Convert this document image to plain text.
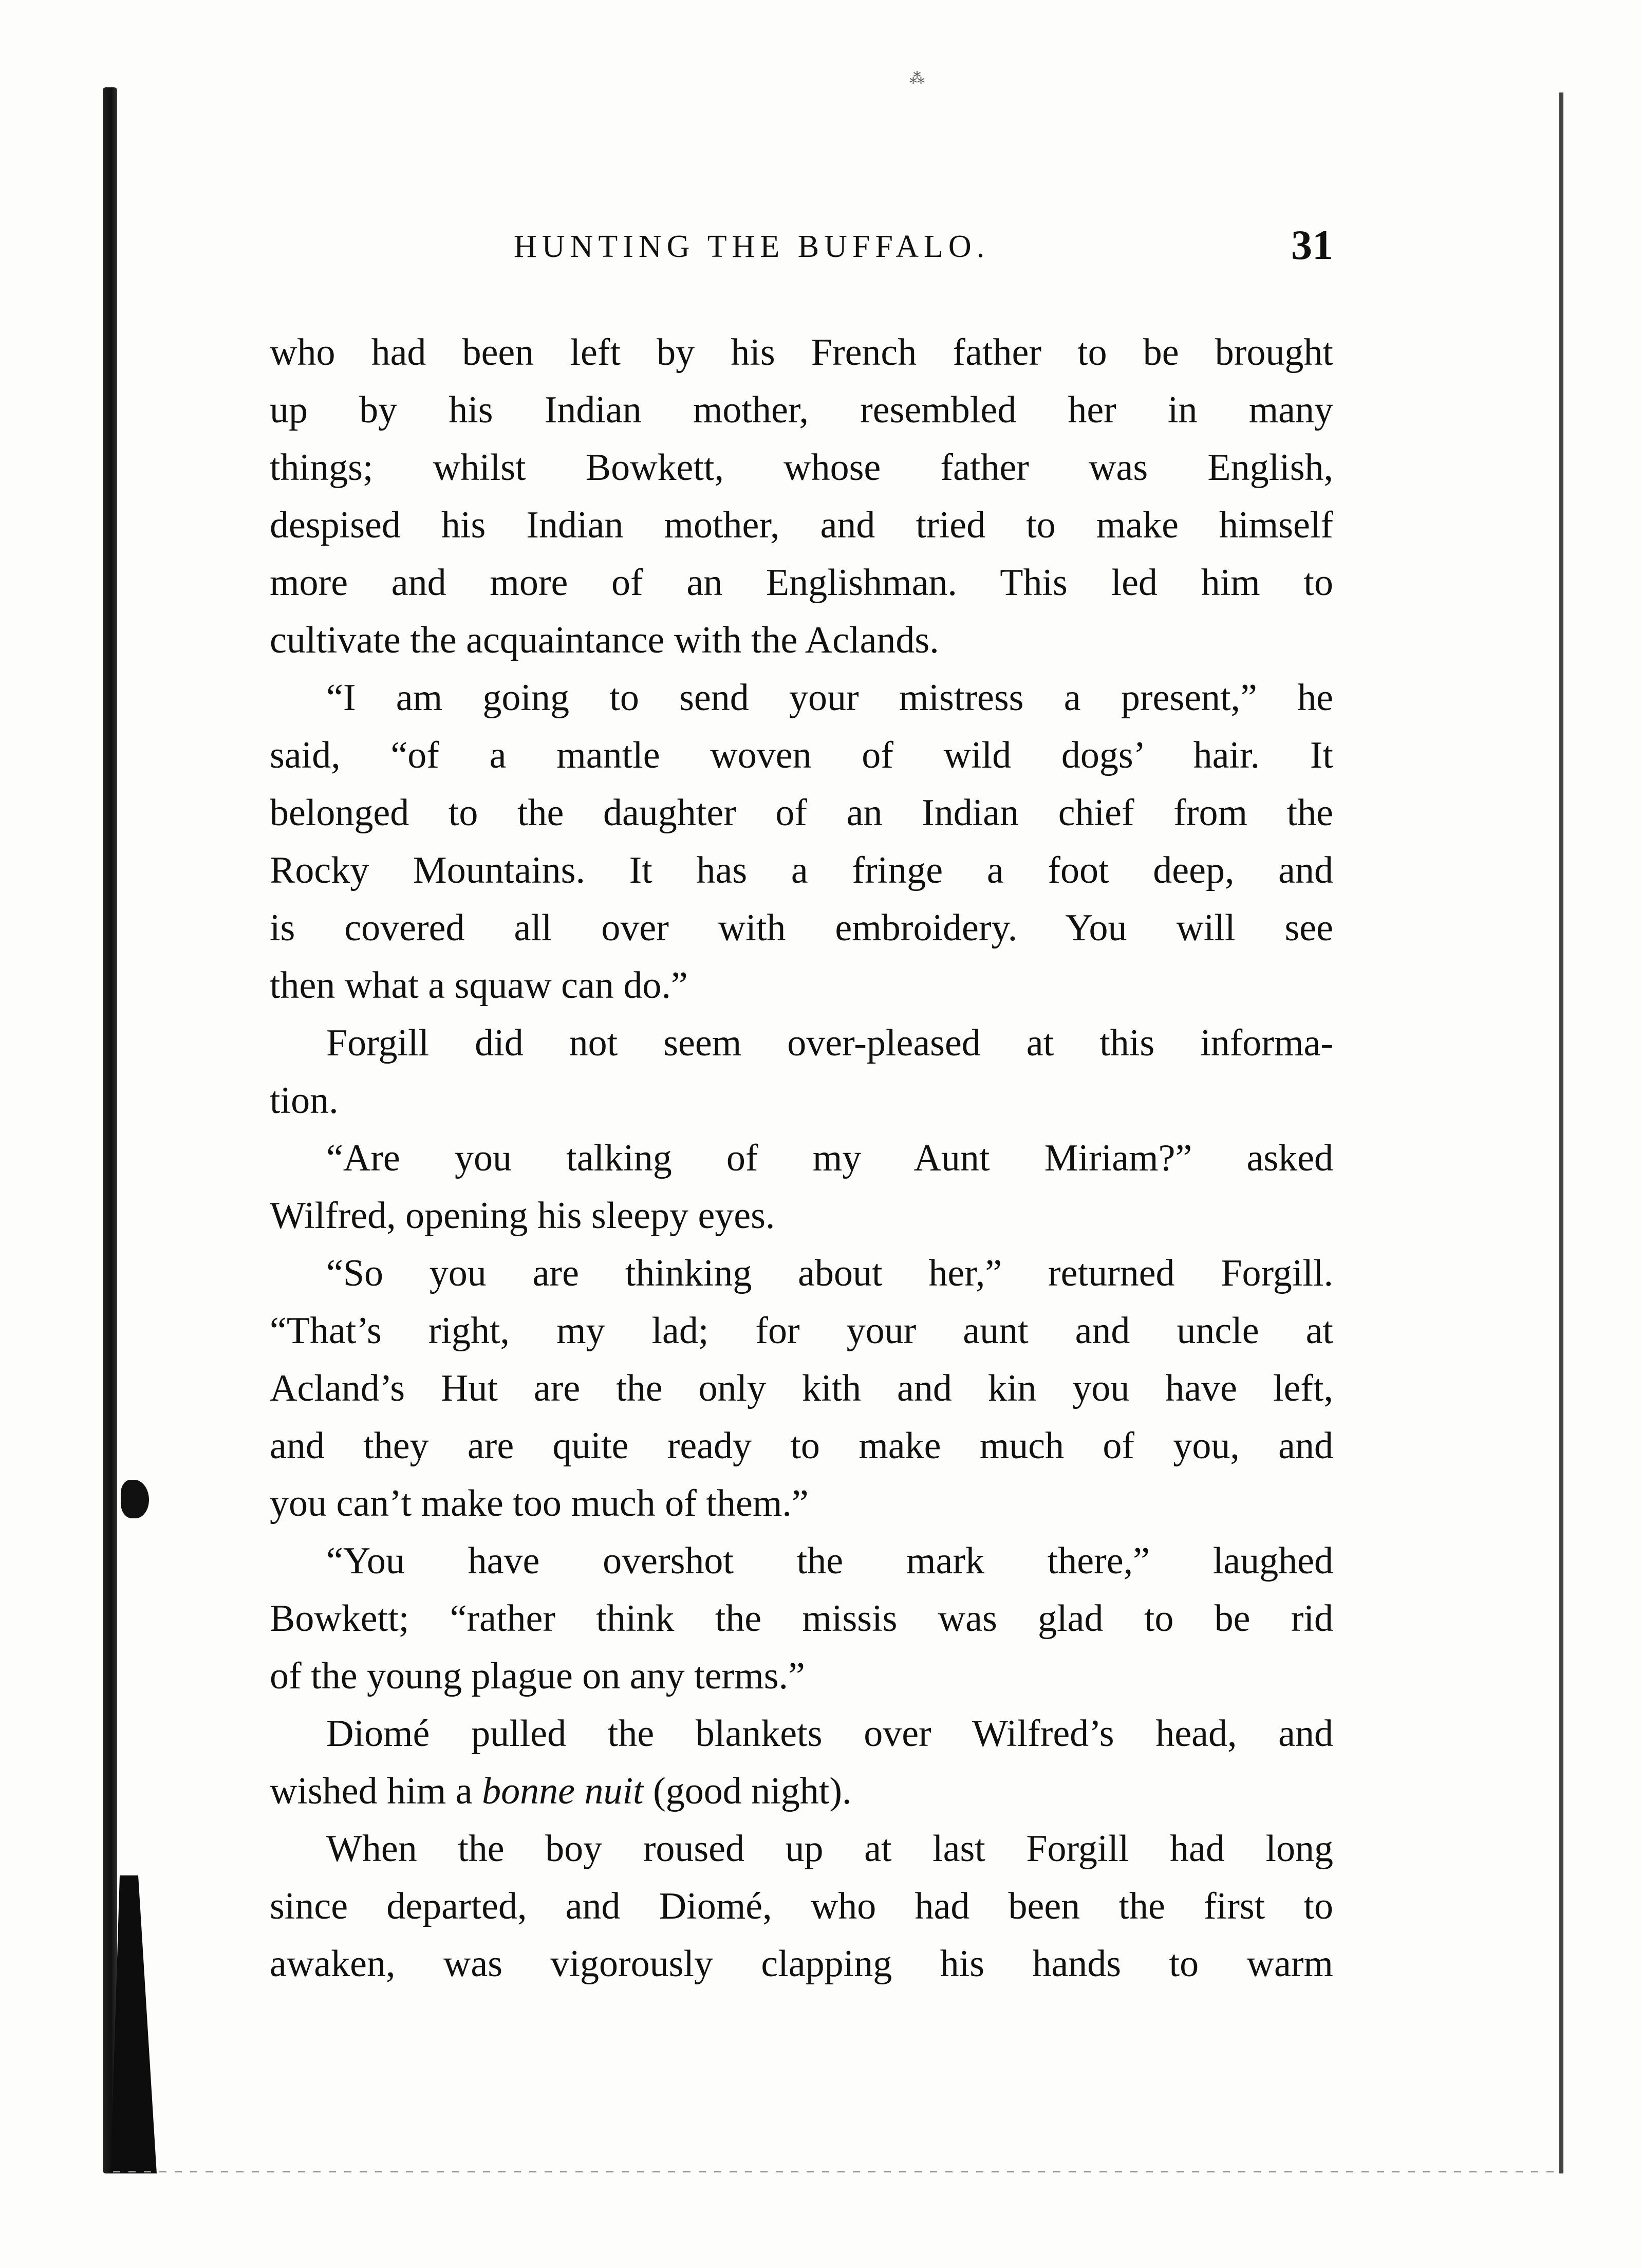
⁂
HUNTING THE BUFFALO.	31
who had been left by his French father to be brought
up by his Indian mother, resembled her in many
things; whilst Bowkett, whose father was English,
despised his Indian mother, and tried to make himself
more and more of an Englishman. This led him to
cultivate the acquaintance with the Aclands.
“I am going to send your mistress a present,” he
said, “of a mantle woven of wild dogs’ hair. It
belonged to the daughter of an Indian chief from the
Rocky Mountains. It has a fringe a foot deep, and
is covered all over with embroidery. You will see
then what a squaw can do.”
Forgill did not seem over-pleased at this informa-
tion.
“Are you talking of my Aunt Miriam?” asked
Wilfred, opening his sleepy eyes.
“So you are thinking about her,” returned Forgill.
“That’s right, my lad; for your aunt and uncle at
Acland’s Hut are the only kith and kin you have left,
and they are quite ready to make much of you, and
you can’t make too much of them.”
“You have overshot the mark there,” laughed
Bowkett; “rather think the missis was glad to be rid
of the young plague on any terms.”
Diomé pulled the blankets over Wilfred’s head, and
wished him a bonne nuit (good night).
When the boy roused up at last Forgill had long
since departed, and Diomé, who had been the first to
awaken, was vigorously clapping his hands to warm
